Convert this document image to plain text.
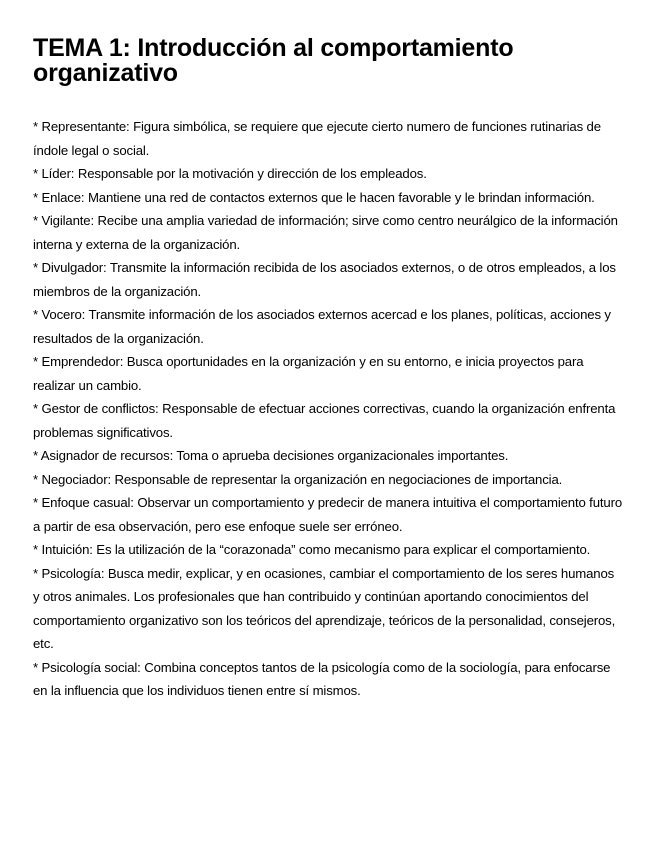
TEMA 1: Introducción al comportamiento
organizativo

* Representante: Figura simbólica, se requiere que ejecute cierto numero de funciones rutinarias de índole legal o social.

* Líder: Responsable por la motivación y dirección de los empleados.

* Enlace: Mantiene una red de contactos externos que le hacen favorable y le brindan información.

* Vigilante: Recibe una amplia variedad de información; sirve como centro neurálgico de la información interna y externa de la organización.

* Divulgador: Transmite la información recibida de los asociados externos, o de otros empleados, a los miembros de la organización.

* Vocero: Transmite información de los asociados externos acercad e los planes, políticas, acciones y resultados de la organización.

* Emprendedor: Busca oportunidades en la organización y en su entorno, e inicia proyectos para realizar un cambio.

* Gestor de conflictos: Responsable de efectuar acciones correctivas, cuando la organización enfrenta problemas significativos.

* Asignador de recursos: Toma o aprueba decisiones organizacionales importantes.

* Negociador: Responsable de representar la organización en negociaciones de importancia.

* Enfoque casual: Observar un comportamiento y predecir de manera intuitiva el comportamiento futuro a partir de esa observación, pero ese enfoque suele ser erróneo.

* Intuición: Es la utilización de la “corazonada” como mecanismo para explicar el comportamiento.

* Psicología: Busca medir, explicar, y en ocasiones, cambiar el comportamiento de los seres humanos y otros animales. Los profesionales que han contribuido y continúan aportando conocimientos del comportamiento organizativo son los teóricos del aprendizaje, teóricos de la personalidad, consejeros, etc.

* Psicología social: Combina conceptos tantos de la psicología como de la sociología, para enfocarse en la influencia que los individuos tienen entre sí mismos.
